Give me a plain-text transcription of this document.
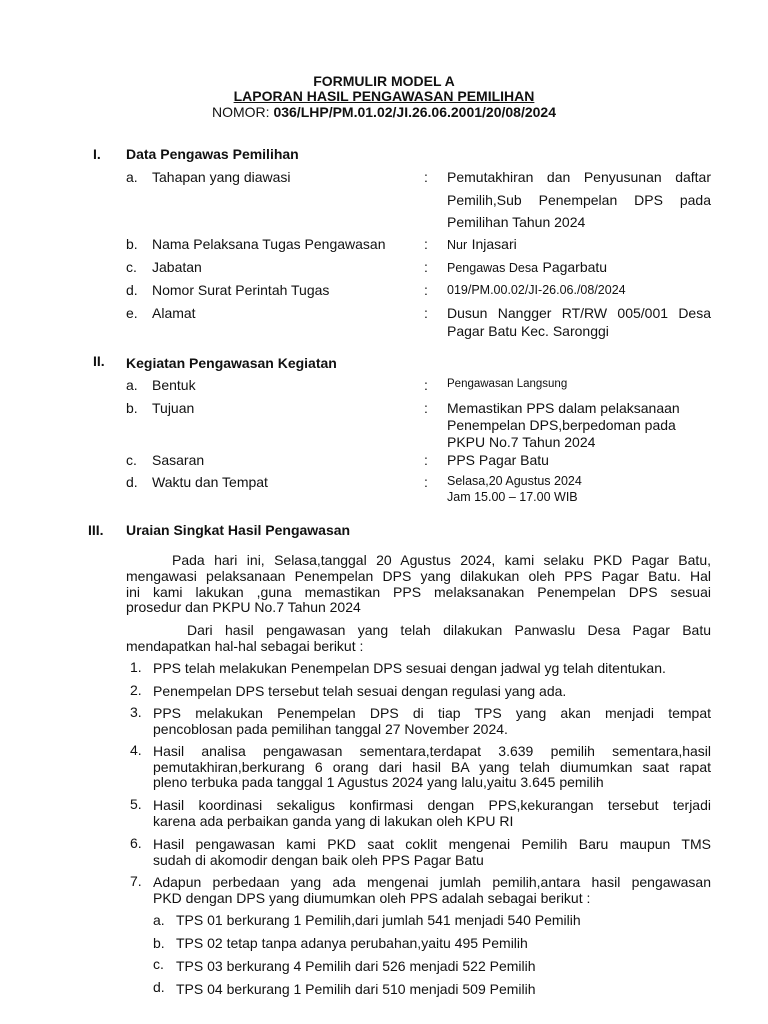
FORMULIR MODEL A
LAPORAN HASIL PENGAWASAN PEMILIHAN
NOMOR: 036/LHP/PM.01.02/JI.26.06.2001/20/08/2024
I. Data Pengawas Pemilihan
a. Tahapan yang diawasi	: Pemutakhiran dan Penyusunan daftar
Pemilih,Sub Penempelan DPS pada
Pemilihan Tahun 2024
b. Nama Pelaksana Tugas Pengawasan	: Nur Injasari
c. Jabatan	: Pengawas Desa Pagarbatu
d. Nomor Surat Perintah Tugas	: 019/PM.00.02/JI-26.06./08/2024
e. Alamat	: Dusun Nangger RT/RW 005/001 Desa
Pagar Batu Kec. Saronggi
II. Kegiatan Pengawasan Kegiatan
a. Bentuk	: Pengawasan Langsung
b. Tujuan	: Memastikan PPS dalam pelaksanaan
Penempelan DPS,berpedoman pada
PKPU No.7 Tahun 2024
c. Sasaran	: PPS Pagar Batu
d. Waktu dan Tempat	: Selasa,20 Agustus 2024
Jam 15.00 – 17.00 WIB
III. Uraian Singkat Hasil Pengawasan
Pada hari ini, Selasa,tanggal 20 Agustus 2024, kami selaku PKD Pagar Batu,
mengawasi pelaksanaan Penempelan DPS yang dilakukan oleh PPS Pagar Batu. Hal
ini kami lakukan ,guna memastikan PPS melaksanakan Penempelan DPS sesuai
prosedur dan PKPU No.7 Tahun 2024
Dari hasil pengawasan yang telah dilakukan Panwaslu Desa Pagar Batu
mendapatkan hal-hal sebagai berikut :
1. PPS telah melakukan Penempelan DPS sesuai dengan jadwal yg telah ditentukan.
2. Penempelan DPS tersebut telah sesuai dengan regulasi yang ada.
3. PPS melakukan Penempelan DPS di tiap TPS yang akan menjadi tempat
pencoblosan pada pemilihan tanggal 27 November 2024.
4. Hasil analisa pengawasan sementara,terdapat 3.639 pemilih sementara,hasil
pemutakhiran,berkurang 6 orang dari hasil BA yang telah diumumkan saat rapat
pleno terbuka pada tanggal 1 Agustus 2024 yang lalu,yaitu 3.645 pemilih
5. Hasil koordinasi sekaligus konfirmasi dengan PPS,kekurangan tersebut terjadi
karena ada perbaikan ganda yang di lakukan oleh KPU RI
6. Hasil pengawasan kami PKD saat coklit mengenai Pemilih Baru maupun TMS
sudah di akomodir dengan baik oleh PPS Pagar Batu
7. Adapun perbedaan yang ada mengenai jumlah pemilih,antara hasil pengawasan
PKD dengan DPS yang diumumkan oleh PPS adalah sebagai berikut :
a. TPS 01 berkurang 1 Pemilih,dari jumlah 541 menjadi 540 Pemilih
b. TPS 02 tetap tanpa adanya perubahan,yaitu 495 Pemilih
c. TPS 03 berkurang 4 Pemilih dari 526 menjadi 522 Pemilih
d. TPS 04 berkurang 1 Pemilih dari 510 menjadi 509 Pemilih
